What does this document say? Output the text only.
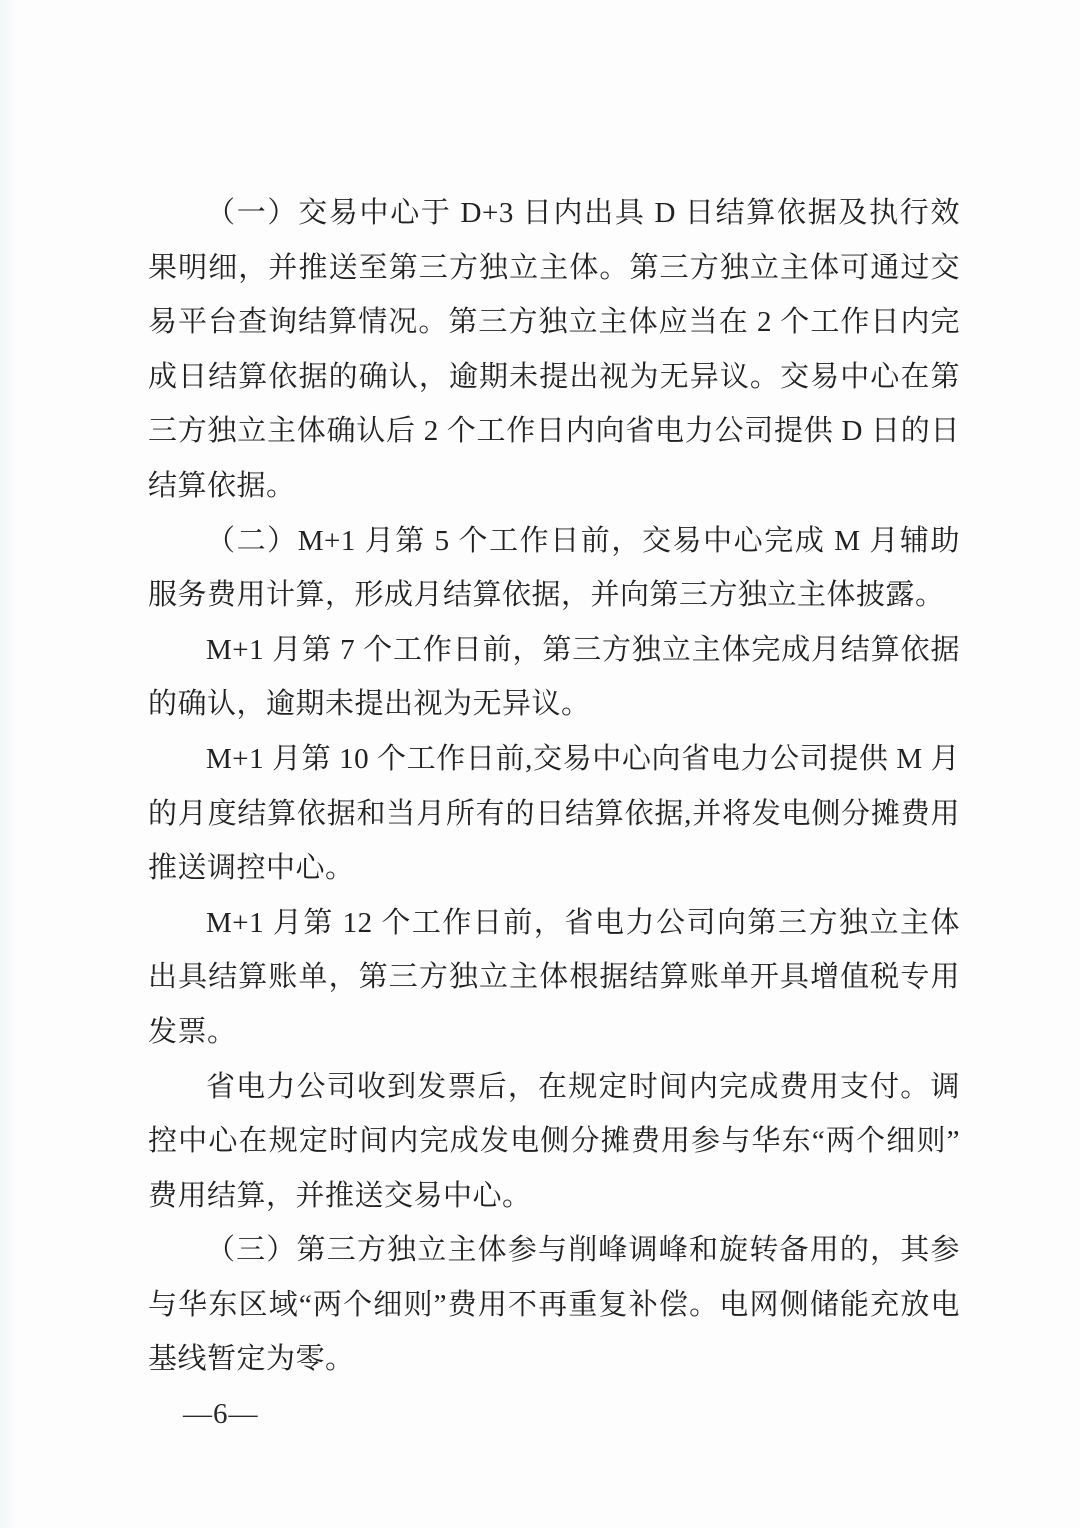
（一）交易中心于 D+3 日内出具 D 日结算依据及执行效果明细，并推送至第三方独立主体。第三方独立主体可通过交易平台查询结算情况。第三方独立主体应当在 2 个工作日内完成日结算依据的确认，逾期未提出视为无异议。交易中心在第三方独立主体确认后 2 个工作日内向省电力公司提供 D 日的日结算依据。

（二）M+1 月第 5 个工作日前，交易中心完成 M 月辅助服务费用计算，形成月结算依据，并向第三方独立主体披露。

M+1 月第 7 个工作日前，第三方独立主体完成月结算依据的确认，逾期未提出视为无异议。

M+1 月第 10 个工作日前,交易中心向省电力公司提供 M 月的月度结算依据和当月所有的日结算依据,并将发电侧分摊费用推送调控中心。

M+1 月第 12 个工作日前，省电力公司向第三方独立主体出具结算账单，第三方独立主体根据结算账单开具增值税专用发票。

省电力公司收到发票后，在规定时间内完成费用支付。调控中心在规定时间内完成发电侧分摊费用参与华东“两个细则”费用结算，并推送交易中心。

（三）第三方独立主体参与削峰调峰和旋转备用的，其参与华东区域“两个细则”费用不再重复补偿。电网侧储能充放电基线暂定为零。

—6—
